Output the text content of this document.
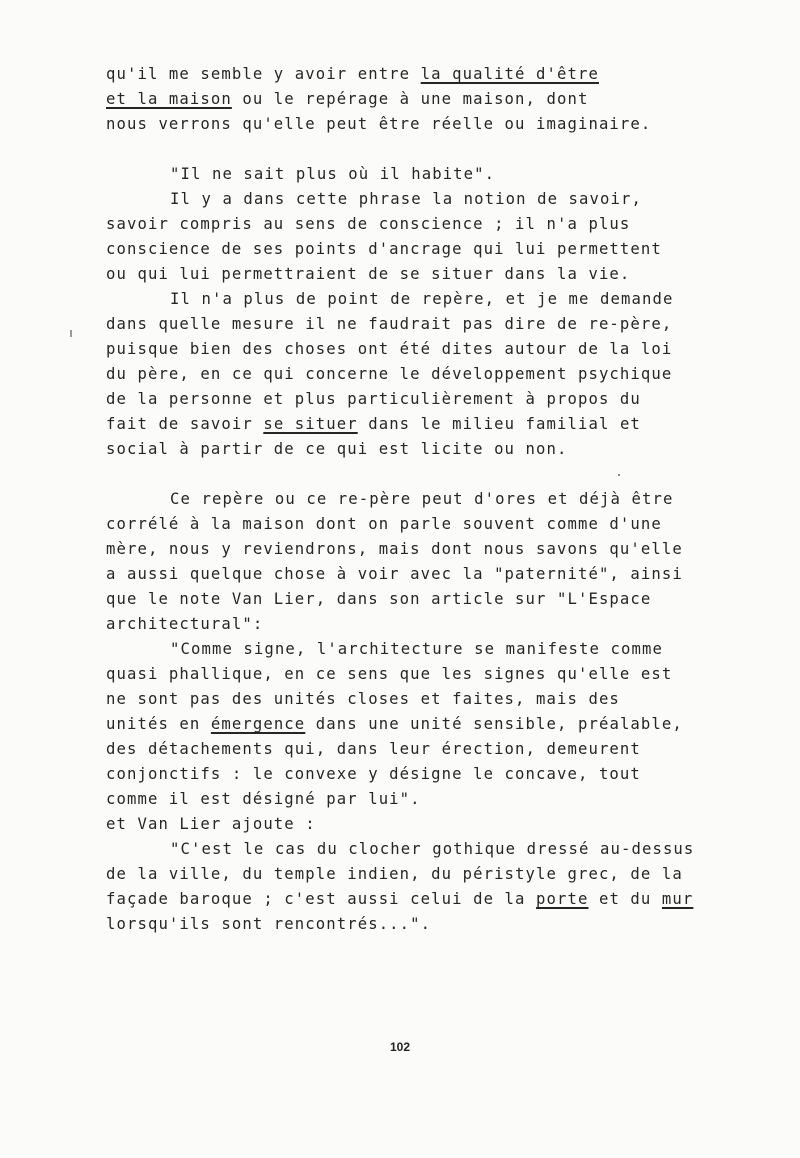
qu'il me semble y avoir entre la qualité d'être
et la maison ou le repérage à une maison, dont
nous verrons qu'elle peut être réelle ou imaginaire.
"Il ne sait plus où il habite".
Il y a dans cette phrase la notion de savoir,
savoir compris au sens de conscience ; il n'a plus
conscience de ses points d'ancrage qui lui permettent
ou qui lui permettraient de se situer dans la vie.
Il n'a plus de point de repère, et je me demande
dans quelle mesure il ne faudrait pas dire de re-père,
puisque bien des choses ont été dites autour de la loi
du père, en ce qui concerne le développement psychique
de la personne et plus particulièrement à propos du
fait de savoir se situer dans le milieu familial et
social à partir de ce qui est licite ou non.
Ce repère ou ce re-père peut d'ores et déjà être
corrélé à la maison dont on parle souvent comme d'une
mère, nous y reviendrons, mais dont nous savons qu'elle
a aussi quelque chose à voir avec la "paternité", ainsi
que le note Van Lier, dans son article sur "L'Espace
architectural":
"Comme signe, l'architecture se manifeste comme
quasi phallique, en ce sens que les signes qu'elle est
ne sont pas des unités closes et faites, mais des
unités en émergence dans une unité sensible, préalable,
des détachements qui, dans leur érection, demeurent
conjonctifs : le convexe y désigne le concave, tout
comme il est désigné par lui".
et Van Lier ajoute :
"C'est le cas du clocher gothique dressé au-dessus
de la ville, du temple indien, du péristyle grec, de la
façade baroque ; c'est aussi celui de la porte et du mur
lorsqu'ils sont rencontrés...".
102
